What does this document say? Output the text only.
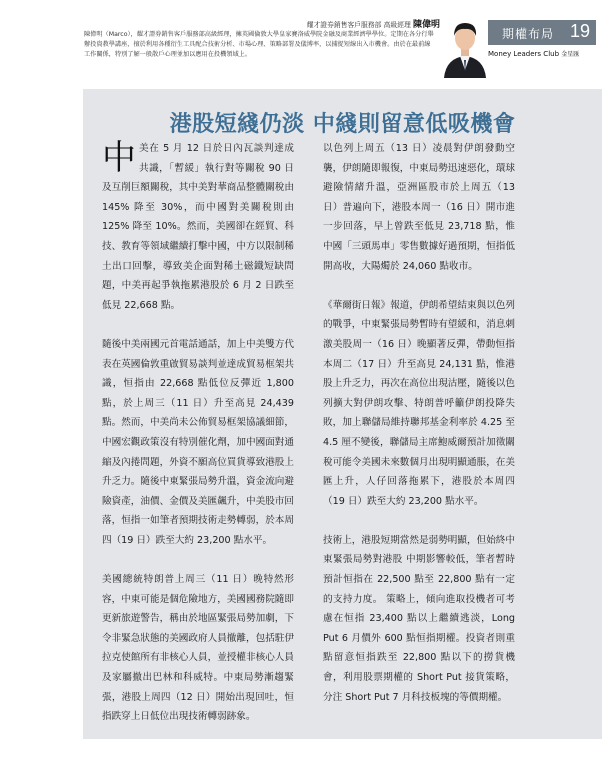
耀才證券銷售客戶服務部 高級經理 陳偉明
陳偉明（Marco），耀才證券銷售客戶服務部高級經理，擁英國倫敦大學皇家賽洛威學院金融及商業經濟學學位。定期在各分行舉辦投資教學講座，擅於利用各種衍生工具配合技術分析、市場心理、策略部署及儀博率，以捕捉短線出入市機會。由於在最前線工作關係，特別了解一般散戶心理並加以應用在投機領域上。
期權布局 19
Money Leaders Club 金星匯
港股短綫仍淡 中綫則留意低吸機會

中美在 5 月 12 日於日內瓦談判達成共識，「暫緩」執行對等關稅 90 日及互削巨額關稅，其中美對華商品整體關稅由 145% 降至 30%，而中國對美關稅則由 125% 降至 10%。然而，美國卻在經貿、科技、教育等領域繼續打擊中國，中方以限制稀土出口回擊，導致美企面對稀土磁鐵短缺問題，中美再起爭執拖累港股於 6 月 2 日跌至低見 22,668 點。

隨後中美兩國元首電話通話，加上中美雙方代表在英國倫敦重啟貿易談判並達成貿易框架共識，恒指由 22,668 點低位反彈近 1,800 點，於上周三（11 日）升至高見 24,439 點。然而，中美尚未公佈貿易框架協議細節，中國宏觀政策沒有特別催化劑，加中國面對通縮及內捲問題，外資不願高位買貨導致港股上升乏力。隨後中東緊張局勢升溫，資金流向避險資產，油價、金價及美匯飆升，中美股市回落，恒指一如筆者預期技術走勢轉弱，於本周四（19 日）跌至大約 23,200 點水平。

美國總統特朗普上周三（11 日）晚特然形容，中東可能是個危險地方，美國國務院隨即更新旅遊警告，稱由於地區緊張局勢加劇，下令非緊急狀態的美國政府人員撤離，包括駐伊拉克使館所有非核心人員，並授權非核心人員及家屬撤出巴林和科威特。中東局勢漸趨緊張，港股上周四（12 日）開始出現回吐，恒指跌穿上日低位出現技術轉弱跡象。

以色列上周五（13 日）凌晨對伊朗發動空襲，伊朗隨即報復，中東局勢迅速惡化，環球避險情緒升溫，亞洲區股市於上周五（13 日）普遍向下，港股本周一（16 日）開市進一步回落，早上曾跌至低見 23,718 點，惟中國「三頭馬車」零售數據好過預期，恒指低開高收，大陽燭於 24,060 點收市。

《華爾街日報》報道，伊朗希望結束與以色列的戰爭，中東緊張局勢暫時有望緩和，消息刺激美股周一（16 日）晚顯著反彈，帶動恒指本周二（17 日）升至高見 24,131 點，惟港股上升乏力，再次在高位出現沽壓，隨後以色列擴大對伊朗攻擊、特朗普呼籲伊朗投降失敗，加上聯儲局維持聯邦基金利率於 4.25 至 4.5 厘不變後，聯儲局主席鮑威爾預計加徵關稅可能令美國未來數個月出現明顯通脹，在美匯上升，人仔回落拖累下，港股於本周四（19 日）跌至大約 23,200 點水平。

技術上，港股短期當然是弱勢明顯，但始終中東緊張局勢對港股 中期影響較低，筆者暫時預計恒指在 22,500 點至 22,800 點有一定的支持力度。 策略上，傾向進取投機者可考慮在恒指 23,400 點以上繼續逃淡，Long Put 6 月價外 600 點恒指期權。投資者則重點留意恒指跌至 22,800 點以下的撈貨機會，利用股票期權的 Short Put 接貨策略，分注 Short Put 7 月科技板塊的等價期權。
